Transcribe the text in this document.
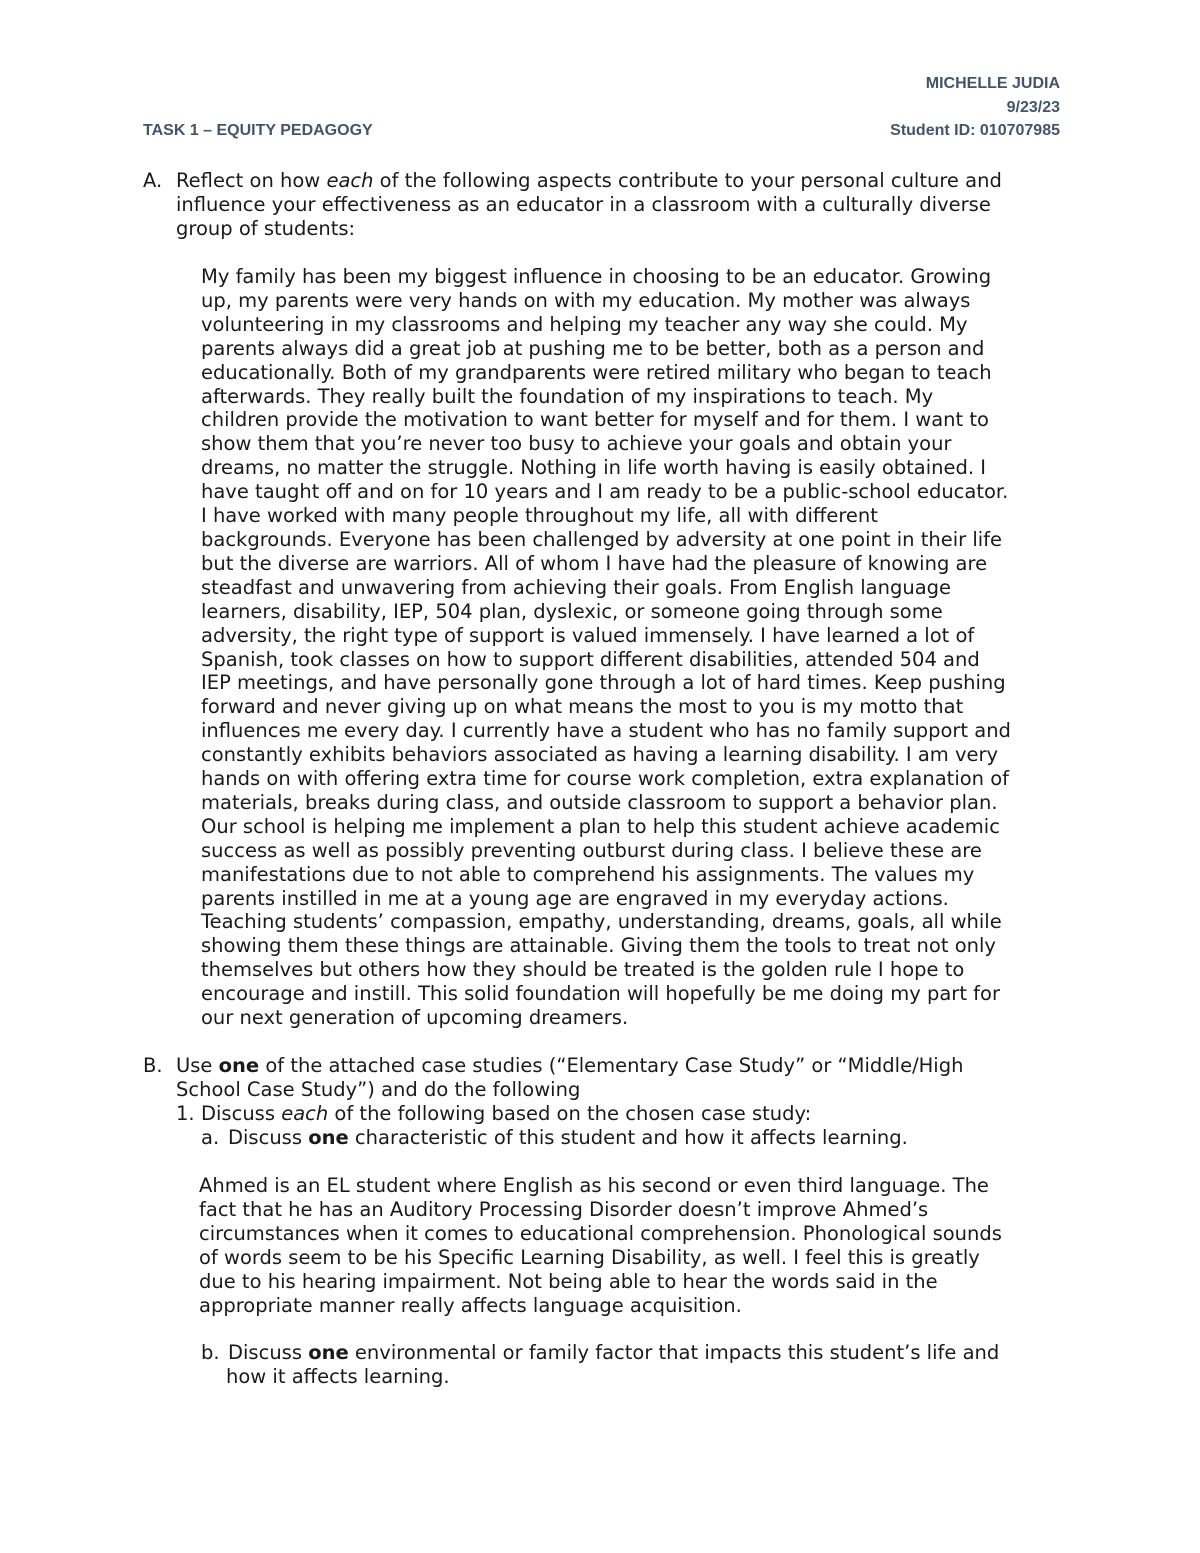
MICHELLE JUDIA
9/23/23
TASK 1 – EQUITY PEDAGOGY	Student ID: 010707985
A. Reflect on how each of the following aspects contribute to your personal culture and
influence your effectiveness as an educator in a classroom with a culturally diverse
group of students:
My family has been my biggest influence in choosing to be an educator. Growing
up, my parents were very hands on with my education. My mother was always
volunteering in my classrooms and helping my teacher any way she could. My
parents always did a great job at pushing me to be better, both as a person and
educationally. Both of my grandparents were retired military who began to teach
afterwards. They really built the foundation of my inspirations to teach. My
children provide the motivation to want better for myself and for them. I want to
show them that you’re never too busy to achieve your goals and obtain your
dreams, no matter the struggle. Nothing in life worth having is easily obtained. I
have taught off and on for 10 years and I am ready to be a public-school educator.
I have worked with many people throughout my life, all with different
backgrounds. Everyone has been challenged by adversity at one point in their life
but the diverse are warriors. All of whom I have had the pleasure of knowing are
steadfast and unwavering from achieving their goals. From English language
learners, disability, IEP, 504 plan, dyslexic, or someone going through some
adversity, the right type of support is valued immensely. I have learned a lot of
Spanish, took classes on how to support different disabilities, attended 504 and
IEP meetings, and have personally gone through a lot of hard times. Keep pushing
forward and never giving up on what means the most to you is my motto that
influences me every day. I currently have a student who has no family support and
constantly exhibits behaviors associated as having a learning disability. I am very
hands on with offering extra time for course work completion, extra explanation of
materials, breaks during class, and outside classroom to support a behavior plan.
Our school is helping me implement a plan to help this student achieve academic
success as well as possibly preventing outburst during class. I believe these are
manifestations due to not able to comprehend his assignments. The values my
parents instilled in me at a young age are engraved in my everyday actions.
Teaching students’ compassion, empathy, understanding, dreams, goals, all while
showing them these things are attainable. Giving them the tools to treat not only
themselves but others how they should be treated is the golden rule I hope to
encourage and instill. This solid foundation will hopefully be me doing my part for
our next generation of upcoming dreamers.
B. Use one of the attached case studies (“Elementary Case Study” or “Middle/High
School Case Study”) and do the following
1. Discuss each of the following based on the chosen case study:
a. Discuss one characteristic of this student and how it affects learning.
Ahmed is an EL student where English as his second or even third language. The
fact that he has an Auditory Processing Disorder doesn’t improve Ahmed’s
circumstances when it comes to educational comprehension. Phonological sounds
of words seem to be his Specific Learning Disability, as well. I feel this is greatly
due to his hearing impairment. Not being able to hear the words said in the
appropriate manner really affects language acquisition.
b. Discuss one environmental or family factor that impacts this student’s life and
how it affects learning.
